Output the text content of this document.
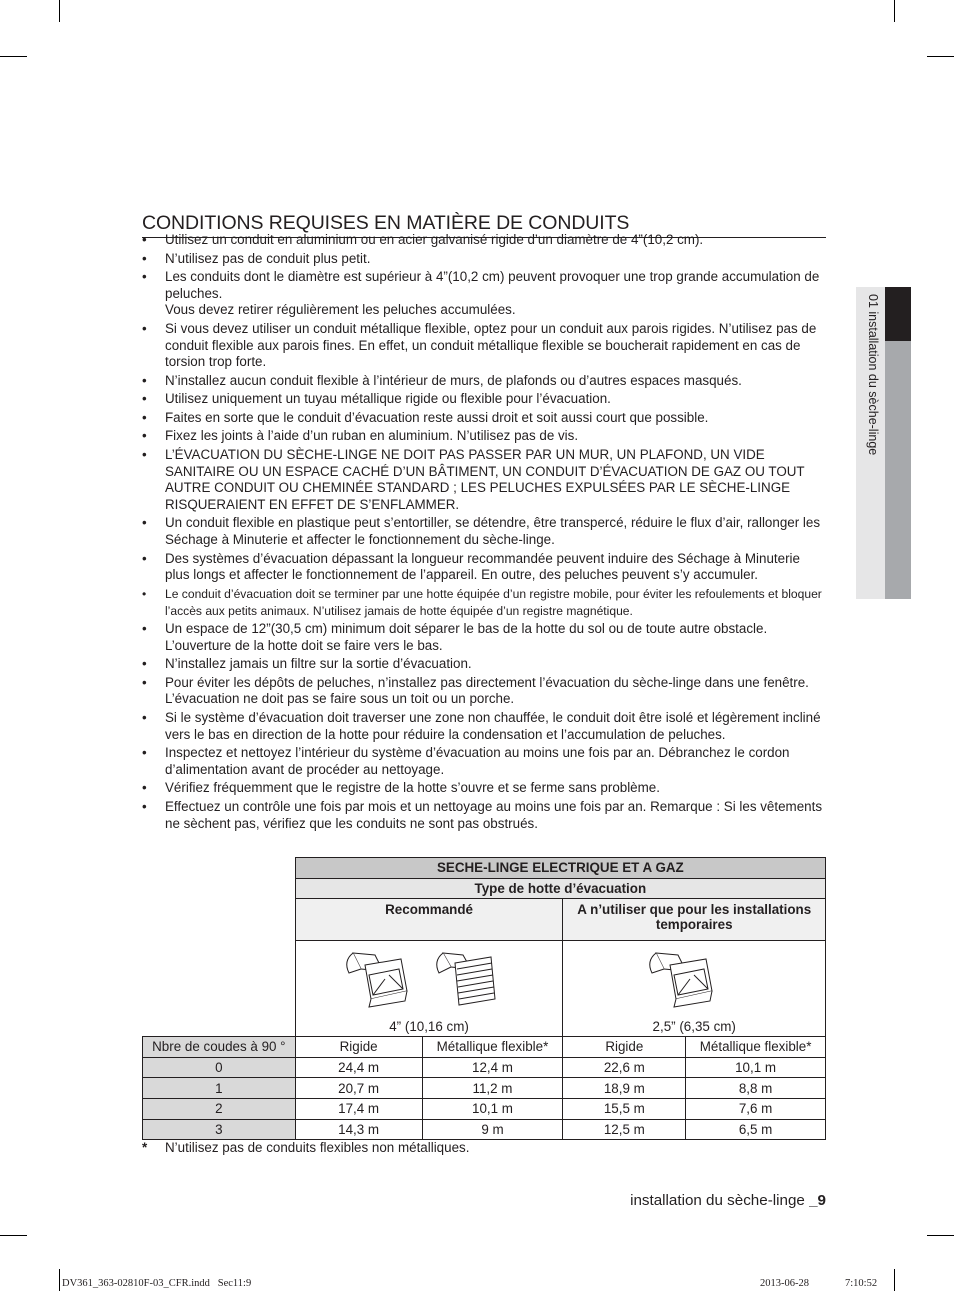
CONDITIONS REQUISES EN MATIÈRE DE CONDUITS
01 installation du sèche-linge
• Utilisez un conduit en aluminium ou en acier galvanisé rigide d’un diamètre de 4”(10,2 cm).
• N’utilisez pas de conduit plus petit.
• Les conduits dont le diamètre est supérieur à 4”(10,2 cm) peuvent provoquer une trop grande accumulation de peluches.
Vous devez retirer régulièrement les peluches accumulées.
• Si vous devez utiliser un conduit métallique flexible, optez pour un conduit aux parois rigides. N’utilisez pas de conduit flexible aux parois fines. En effet, un conduit métallique flexible se boucherait rapidement en cas de torsion trop forte.
• N’installez aucun conduit flexible à l’intérieur de murs, de plafonds ou d’autres espaces masqués.
• Utilisez uniquement un tuyau métallique rigide ou flexible pour l’évacuation.
• Faites en sorte que le conduit d’évacuation reste aussi droit et soit aussi court que possible.
• Fixez les joints à l’aide d’un ruban en aluminium. N’utilisez pas de vis.
• L’ÉVACUATION DU SÈCHE-LINGE NE DOIT PAS PASSER PAR UN MUR, UN PLAFOND, UN VIDE SANITAIRE OU UN ESPACE CACHÉ D’UN BÂTIMENT, UN CONDUIT D’ÉVACUATION DE GAZ OU TOUT AUTRE CONDUIT OU CHEMINÉE STANDARD ; LES PELUCHES EXPULSÉES PAR LE SÈCHE-LINGE RISQUERAIENT EN EFFET DE S’ENFLAMMER.
• Un conduit flexible en plastique peut s’entortiller, se détendre, être transpercé, réduire le flux d’air, rallonger les Séchage à Minuterie et affecter le fonctionnement du sèche-linge.
• Des systèmes d’évacuation dépassant la longueur recommandée peuvent induire des Séchage à Minuterie plus longs et affecter le fonctionnement de l’appareil. En outre, des peluches peuvent s’y accumuler.
• Le conduit d’évacuation doit se terminer par une hotte équipée d’un registre mobile, pour éviter les refoulements et bloquer l’accès aux petits animaux. N’utilisez jamais de hotte équipée d’un registre magnétique.
• Un espace de 12”(30,5 cm) minimum doit séparer le bas de la hotte du sol ou de toute autre obstacle. L’ouverture de la hotte doit se faire vers le bas.
• N’installez jamais un filtre sur la sortie d’évacuation.
• Pour éviter les dépôts de peluches, n’installez pas directement l’évacuation du sèche-linge dans une fenêtre. L’évacuation ne doit pas se faire sous un toit ou un porche.
• Si le système d’évacuation doit traverser une zone non chauffée, le conduit doit être isolé et légèrement incliné vers le bas en direction de la hotte pour réduire la condensation et l’accumulation de peluches.
• Inspectez et nettoyez l’intérieur du système d’évacuation au moins une fois par an. Débranchez le cordon d’alimentation avant de procéder au nettoyage.
• Vérifiez fréquemment que le registre de la hotte s’ouvre et se ferme sans problème.
• Effectuez un contrôle une fois par mois et un nettoyage au moins une fois par an. Remarque : Si les vêtements ne sèchent pas, vérifiez que les conduits ne sont pas obstrués.
	SECHE-LINGE ELECTRIQUE ET A GAZ			
	Type de hotte d’évacuation			
	Recommandé		A n’utiliser que pour les installations temporaires	

	4” (10,16 cm)		2,5” (6,35 cm)	

Nbre de coudes à 90 °	Rigide	Métallique flexible*	Rigide	Métallique flexible*
0	24,4 m	12,4 m	22,6 m	10,1 m
1	20,7 m	11,2 m	18,9 m	8,8 m
2	17,4 m	10,1 m	15,5 m	7,6 m
3	14,3 m	9 m	12,5 m	6,5 m
* N’utilisez pas de conduits flexibles non métalliques.
installation du sèche-linge _9
DV361_363-02810F-03_CFR.indd   Sec11:9	2013-06-28	7:10:52
